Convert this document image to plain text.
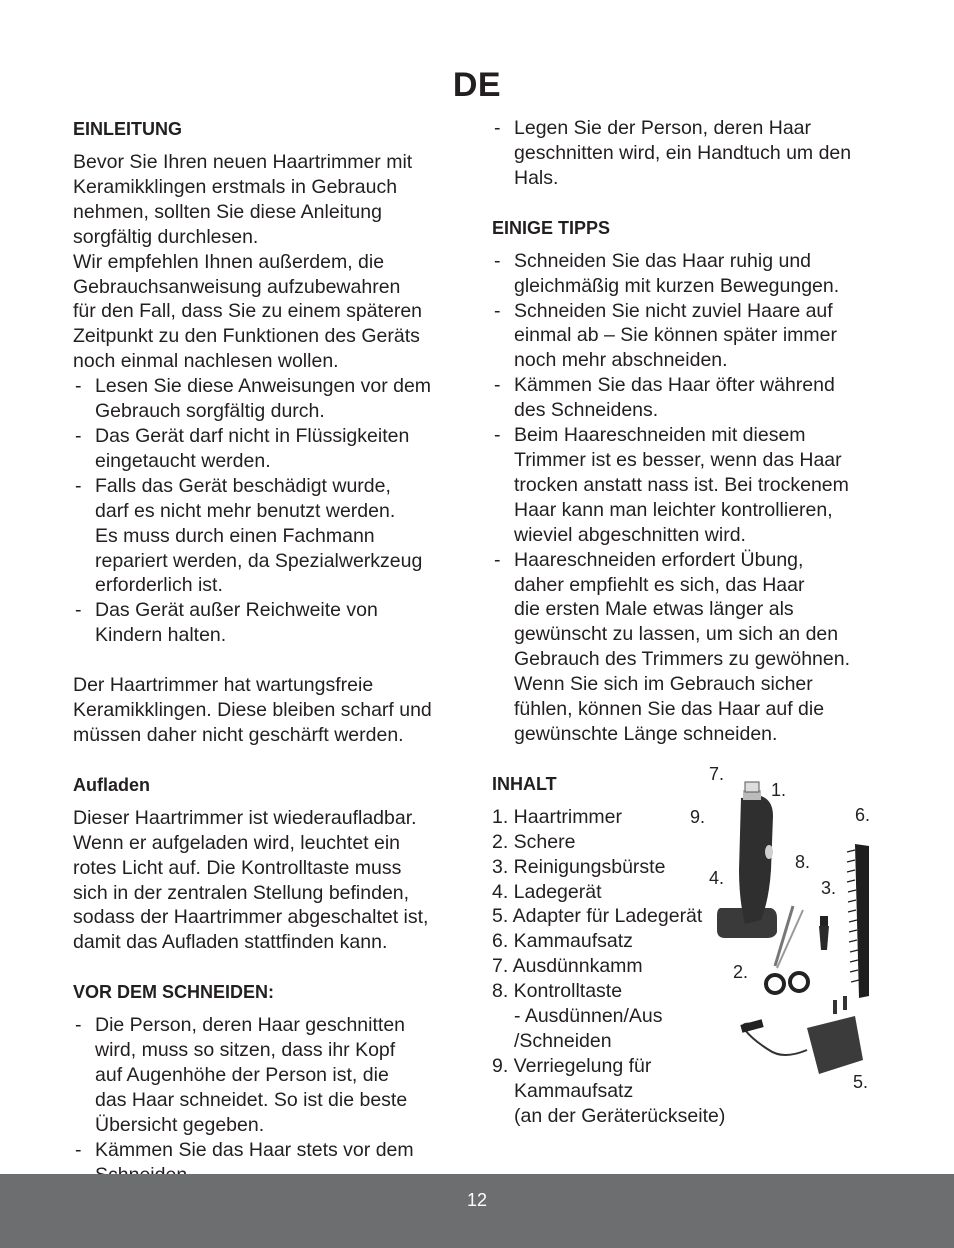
DE
EINLEITUNG
Bevor Sie Ihren neuen Haartrimmer mit
Keramikklingen erstmals in Gebrauch
nehmen, sollten Sie diese Anleitung
sorgfältig durchlesen.
Wir empfehlen Ihnen außerdem, die
Gebrauchsanweisung aufzubewahren
für den Fall, dass Sie zu einem späteren
Zeitpunkt zu den Funktionen des Geräts
noch einmal nachlesen wollen.
- Lesen Sie diese Anweisungen vor dem
Gebrauch sorgfältig durch.
- Das Gerät darf nicht in Flüssigkeiten
eingetaucht werden.
- Falls das Gerät beschädigt wurde,
darf es nicht mehr benutzt werden.
Es muss durch einen Fachmann
repariert werden, da Spezialwerkzeug
erforderlich ist.
- Das Gerät außer Reichweite von
Kindern halten.
Der Haartrimmer hat wartungsfreie
Keramikklingen. Diese bleiben scharf und
müssen daher nicht geschärft werden.
Aufladen
Dieser Haartrimmer ist wiederaufladbar.
Wenn er aufgeladen wird, leuchtet ein
rotes Licht auf. Die Kontrolltaste muss
sich in der zentralen Stellung befinden,
sodass der Haartrimmer abgeschaltet ist,
damit das Aufladen stattfinden kann.
VOR DEM SCHNEIDEN:
- Die Person, deren Haar geschnitten
wird, muss so sitzen, dass ihr Kopf
auf Augenhöhe der Person ist, die
das Haar schneidet. So ist die beste
Übersicht gegeben.
- Kämmen Sie das Haar stets vor dem
- Legen Sie der Person, deren Haar
geschnitten wird, ein Handtuch um den
Hals.
EINIGE TIPPS
- Schneiden Sie das Haar ruhig und
gleichmäßig mit kurzen Bewegungen.
- Schneiden Sie nicht zuviel Haare auf
einmal ab – Sie können später immer
noch mehr abschneiden.
- Kämmen Sie das Haar öfter während
des Schneidens.
- Beim Haareschneiden mit diesem
Trimmer ist es besser, wenn das Haar
trocken anstatt nass ist. Bei trockenem
Haar kann man leichter kontrollieren,
wieviel abgeschnitten wird.
- Haareschneiden erfordert Übung,
daher empfiehlt es sich, das Haar
die ersten Male etwas länger als
gewünscht zu lassen, um sich an den
Gebrauch des Trimmers zu gewöhnen.
Wenn Sie sich im Gebrauch sicher
fühlen, können Sie das Haar auf die
gewünschte Länge schneiden.
INHALT
1. Haartrimmer
2. Schere
3. Reinigungsbürste
4. Ladegerät
5. Adapter für Ladegerät
6. Kammaufsatz
7. Ausdünnkamm
8. Kontrolltaste
- Ausdünnen/Aus
/Schneiden
9. Verriegelung für
Kammaufsatz
(an der Geräterückseite)
7.
1.
9.	6.
8.
4.	3.
2.
5.
12
